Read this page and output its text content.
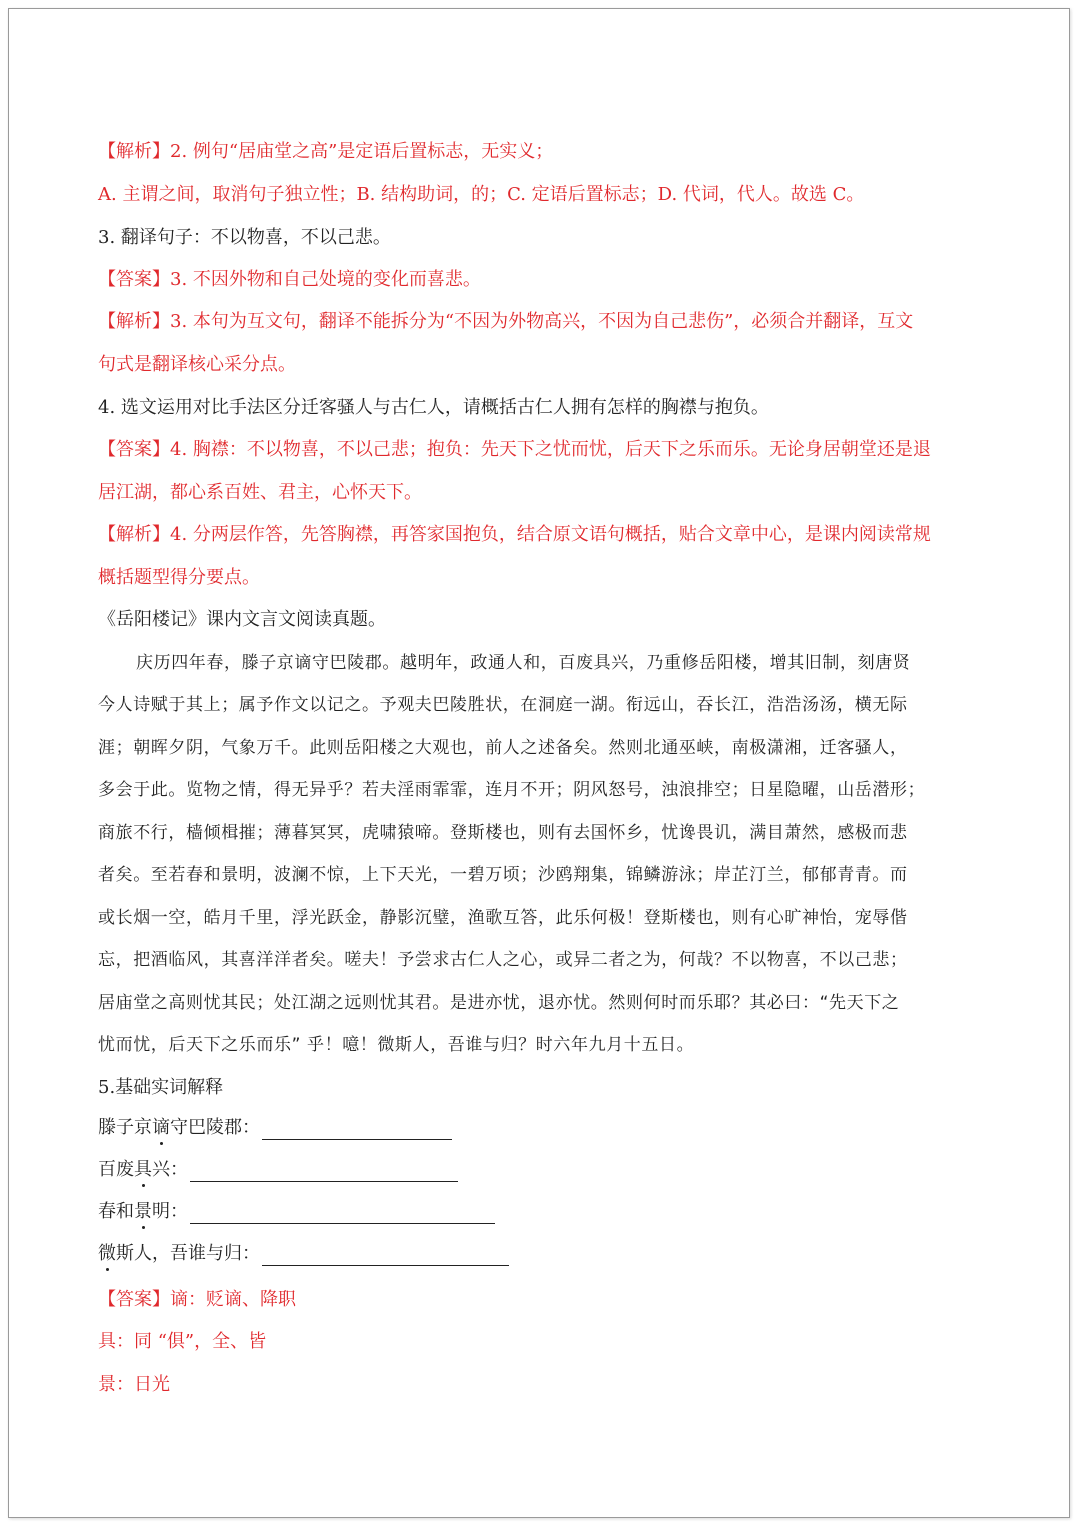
【解析】2. 例句“居庙堂之高”是定语后置标志，无实义；
A. 主谓之间，取消句子独立性；B. 结构助词，的；C. 定语后置标志；D. 代词，代人。故选 C。
3. 翻译句子：不以物喜，不以己悲。
【答案】3. 不因外物和自己处境的变化而喜悲。
【解析】3. 本句为互文句，翻译不能拆分为“不因为外物高兴，不因为自己悲伤”，必须合并翻译，互文
句式是翻译核心采分点。
4. 选文运用对比手法区分迁客骚人与古仁人，请概括古仁人拥有怎样的胸襟与抱负。
【答案】4. 胸襟：不以物喜，不以己悲；抱负：先天下之忧而忧，后天下之乐而乐。无论身居朝堂还是退
居江湖，都心系百姓、君主，心怀天下。
【解析】4. 分两层作答，先答胸襟，再答家国抱负，结合原文语句概括，贴合文章中心，是课内阅读常规
概括题型得分要点。
《岳阳楼记》课内文言文阅读真题。
庆历四年春，滕子京谪守巴陵郡。越明年，政通人和，百废具兴，乃重修岳阳楼，增其旧制，刻唐贤
今人诗赋于其上；属予作文以记之。予观夫巴陵胜状，在洞庭一湖。衔远山，吞长江，浩浩汤汤，横无际
涯；朝晖夕阴，气象万千。此则岳阳楼之大观也，前人之述备矣。然则北通巫峡，南极潇湘，迁客骚人，
多会于此。览物之情，得无异乎？若夫淫雨霏霏，连月不开；阴风怒号，浊浪排空；日星隐曜，山岳潜形；
商旅不行，樯倾楫摧；薄暮冥冥，虎啸猿啼。登斯楼也，则有去国怀乡，忧谗畏讥，满目萧然，感极而悲
者矣。至若春和景明，波澜不惊，上下天光，一碧万顷；沙鸥翔集，锦鳞游泳；岸芷汀兰，郁郁青青。而
或长烟一空，皓月千里，浮光跃金，静影沉璧，渔歌互答，此乐何极！登斯楼也，则有心旷神怡，宠辱偕
忘，把酒临风，其喜洋洋者矣。嗟夫！予尝求古仁人之心，或异二者之为，何哉？不以物喜，不以己悲；
居庙堂之高则忧其民；处江湖之远则忧其君。是进亦忧，退亦忧。然则何时而乐耶？其必曰：“先天下之
忧而忧，后天下之乐而乐” 乎！噫！微斯人，吾谁与归？时六年九月十五日。
5.基础实词解释
滕子京谪守巴陵郡：
百废具兴：
春和景明：
微斯人，吾谁与归：
【答案】谪：贬谪、降职
具：同 “俱”，全、皆
景：日光
